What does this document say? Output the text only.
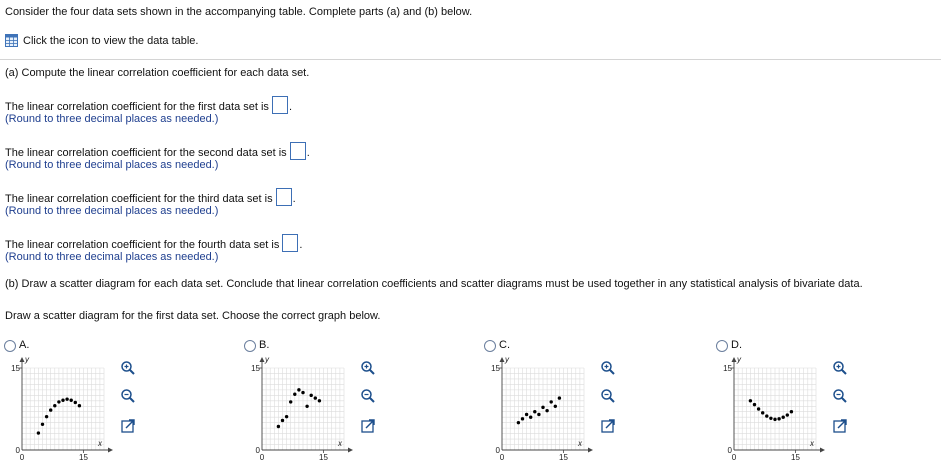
Consider the four data sets shown in the accompanying table. Complete parts (a) and (b) below.
Click the icon to view the data table.
(a) Compute the linear correlation coefficient for each data set.
The linear correlation coefficient for the first data set is .
(Round to three decimal places as needed.)
The linear correlation coefficient for the second data set is .
(Round to three decimal places as needed.)
The linear correlation coefficient for the third data set is .
(Round to three decimal places as needed.)
The linear correlation coefficient for the fourth data set is .
(Round to three decimal places as needed.)
(b) Draw a scatter diagram for each data set. Conclude that linear correlation coefficients and scatter diagrams must be used together in any statistical analysis of bivariate data.
Draw a scatter diagram for the first data set. Choose the correct graph below.
A.
y
x
15
0
0	15
B.
y
x
15
0
0	15
C.
y
x
15
0
0	15
D.
y
x
15
0
0	15
